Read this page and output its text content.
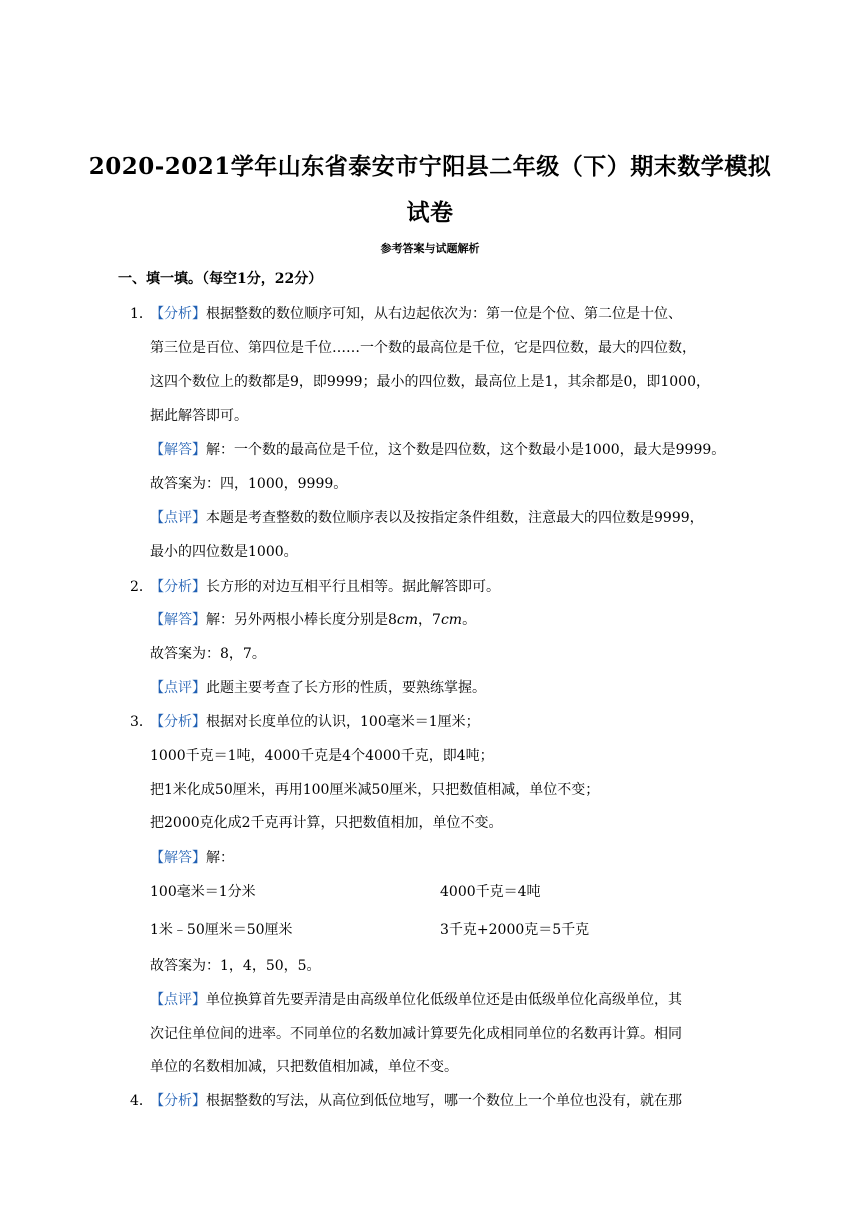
2020-2021学年山东省泰安市宁阳县二年级（下）期末数学模拟
试卷
参考答案与试题解析
一、填一填。（每空1分，22分）
1．
【分析】根据整数的数位顺序可知，从右边起依次为：第一位是个位、第二位是十位、
第三位是百位、第四位是千位……一个数的最高位是千位，它是四位数，最大的四位数，
这四个数位上的数都是9，即9999；最小的四位数，最高位上是1，其余都是0，即1000，
据此解答即可。
【解答】解：一个数的最高位是千位，这个数是四位数，这个数最小是1000，最大是9999。
故答案为：四，1000，9999。
【点评】本题是考查整数的数位顺序表以及按指定条件组数，注意最大的四位数是9999，
最小的四位数是1000。
2．
【分析】长方形的对边互相平行且相等。据此解答即可。
【解答】解：另外两根小棒长度分别是8cm，7cm。
故答案为：8，7。
【点评】此题主要考查了长方形的性质，要熟练掌握。
3．
【分析】根据对长度单位的认识，100毫米＝1厘米；
1000千克＝1吨，4000千克是4个4000千克，即4吨；
把1米化成50厘米，再用100厘米减50厘米，只把数值相减，单位不变；
把2000克化成2千克再计算，只把数值相加，单位不变。
【解答】解：
100毫米＝1分米	4000千克＝4吨
1米﹣50厘米＝50厘米	3千克+2000克＝5千克
故答案为：1，4，50，5。
【点评】单位换算首先要弄清是由高级单位化低级单位还是由低级单位化高级单位，其
次记住单位间的进率。不同单位的名数加减计算要先化成相同单位的名数再计算。相同
单位的名数相加减，只把数值相加减，单位不变。
4．
【分析】根据整数的写法，从高位到低位地写，哪一个数位上一个单位也没有，就在那
